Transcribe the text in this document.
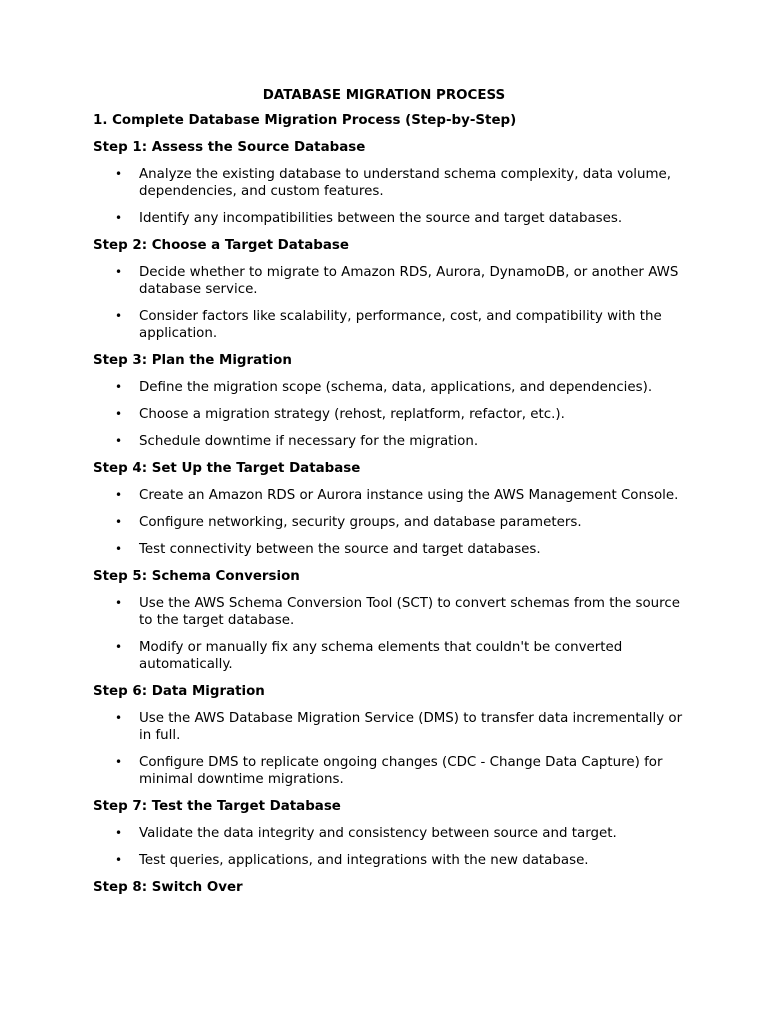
DATABASE MIGRATION PROCESS
1. Complete Database Migration Process (Step-by-Step)
Step 1: Assess the Source Database
• Analyze the existing database to understand schema complexity, data volume, dependencies, and custom features.
• Identify any incompatibilities between the source and target databases.
Step 2: Choose a Target Database
• Decide whether to migrate to Amazon RDS, Aurora, DynamoDB, or another AWS database service.
• Consider factors like scalability, performance, cost, and compatibility with the application.
Step 3: Plan the Migration
• Define the migration scope (schema, data, applications, and dependencies).
• Choose a migration strategy (rehost, replatform, refactor, etc.).
• Schedule downtime if necessary for the migration.
Step 4: Set Up the Target Database
• Create an Amazon RDS or Aurora instance using the AWS Management Console.
• Configure networking, security groups, and database parameters.
• Test connectivity between the source and target databases.
Step 5: Schema Conversion
• Use the AWS Schema Conversion Tool (SCT) to convert schemas from the source to the target database.
• Modify or manually fix any schema elements that couldn't be converted automatically.
Step 6: Data Migration
• Use the AWS Database Migration Service (DMS) to transfer data incrementally or in full.
• Configure DMS to replicate ongoing changes (CDC - Change Data Capture) for minimal downtime migrations.
Step 7: Test the Target Database
• Validate the data integrity and consistency between source and target.
• Test queries, applications, and integrations with the new database.
Step 8: Switch Over
